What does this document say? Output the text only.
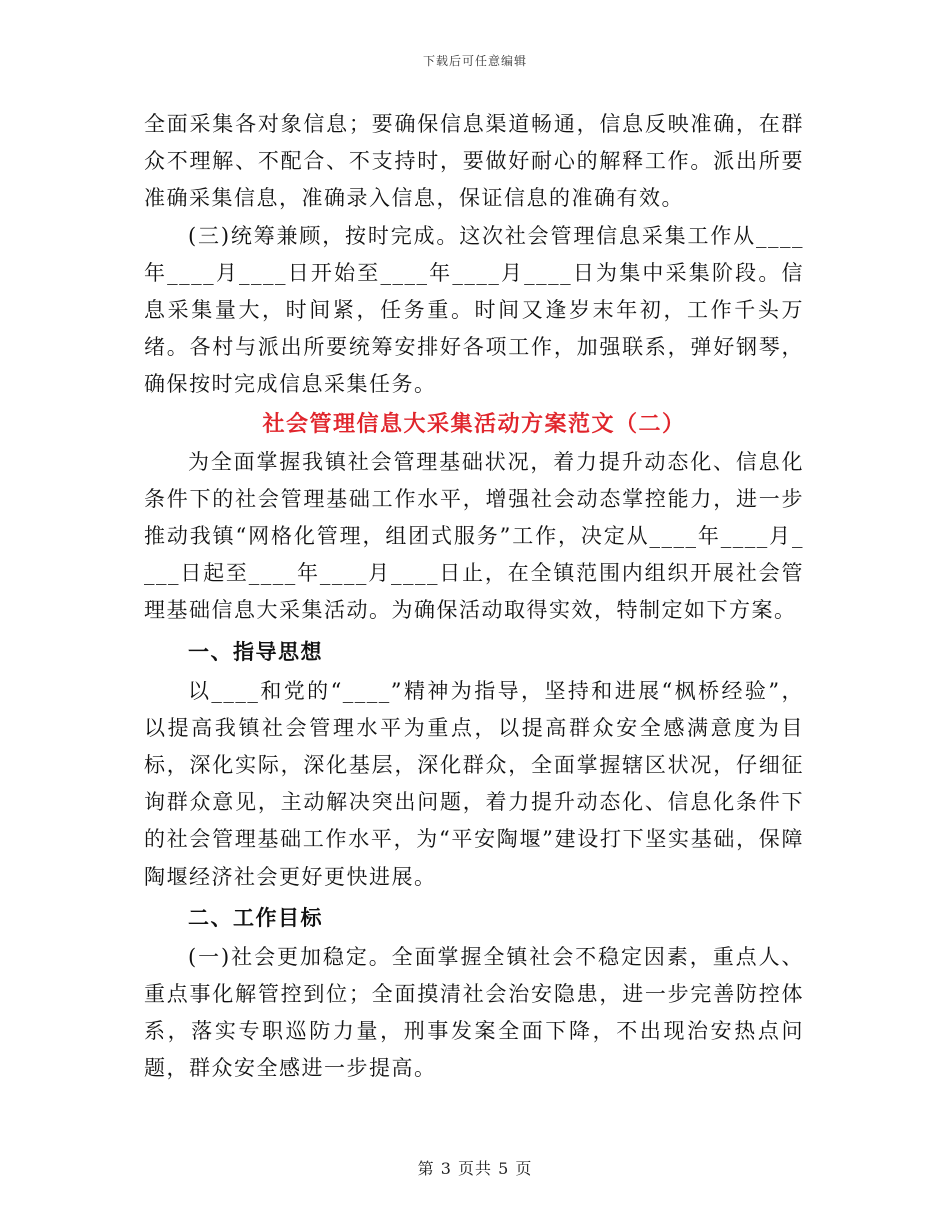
下载后可任意编辑

全面采集各对象信息；要确保信息渠道畅通，信息反映准确，在群众不理解、不配合、不支持时，要做好耐心的解释工作。派出所要准确采集信息，准确录入信息，保证信息的准确有效。

(三)统筹兼顾，按时完成。这次社会管理信息采集工作从____年____月____日开始至____年____月____日为集中采集阶段。信息采集量大，时间紧，任务重。时间又逢岁末年初，工作千头万绪。各村与派出所要统筹安排好各项工作，加强联系，弹好钢琴，确保按时完成信息采集任务。

社会管理信息大采集活动方案范文（二）

为全面掌握我镇社会管理基础状况，着力提升动态化、信息化条件下的社会管理基础工作水平，增强社会动态掌控能力，进一步推动我镇“网格化管理，组团式服务”工作，决定从____年____月____日起至____年____月____日止，在全镇范围内组织开展社会管理基础信息大采集活动。为确保活动取得实效，特制定如下方案。

一、指导思想

以____和党的“____”精神为指导，坚持和进展“枫桥经验”，以提高我镇社会管理水平为重点，以提高群众安全感满意度为目标，深化实际，深化基层，深化群众，全面掌握辖区状况，仔细征询群众意见，主动解决突出问题，着力提升动态化、信息化条件下的社会管理基础工作水平，为“平安陶堰”建设打下坚实基础，保障陶堰经济社会更好更快进展。

二、工作目标

(一)社会更加稳定。全面掌握全镇社会不稳定因素，重点人、重点事化解管控到位；全面摸清社会治安隐患，进一步完善防控体系，落实专职巡防力量，刑事发案全面下降，不出现治安热点问题，群众安全感进一步提高。

第 3 页共 5 页
